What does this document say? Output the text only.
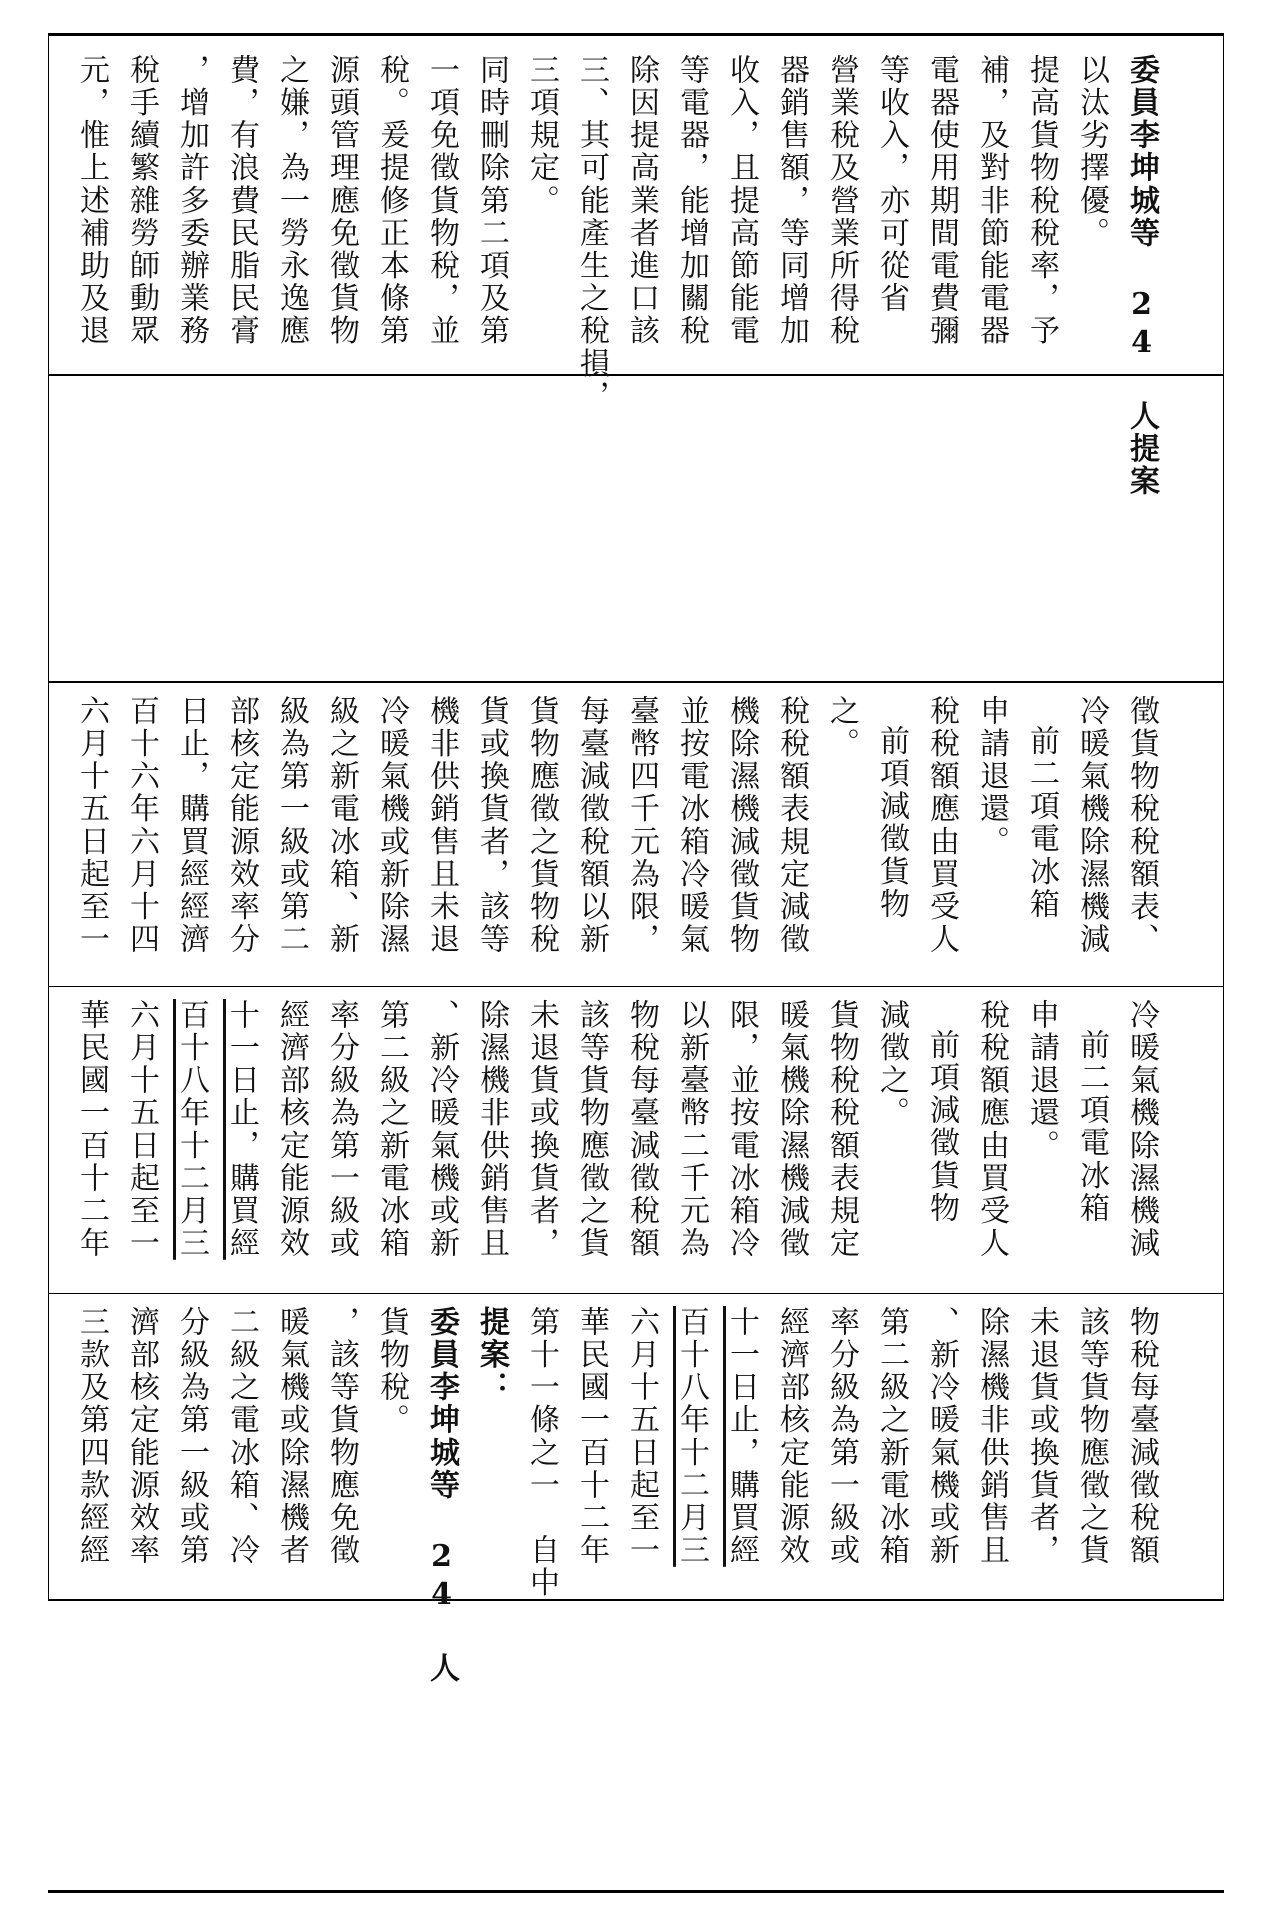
元，惟上述補助及退 稅手續繁雜勞師動眾 ，增加許多委辦業務 費，有浪費民脂民膏 之嫌，為一勞永逸應 源頭管理應免徵貨物 稅。爰提修正本條第 一項免徵貨物稅，並 同時刪除第二項及第 三項規定。 三、其可能產生之稅損， 除因提高業者進口該 等電器，能增加關稅 收入，且提高節能電 器銷售額，等同增加 營業稅及營業所得稅 等收入，亦可從省 電器使用期間電費彌 補，及對非節能電器 提高貨物稅稅率，予 以汰劣擇優。 委員李坤城等 24 人提案
六月十五日起至一 百十六年六月十四 日止，購買經經濟 部核定能源效率分 級為第一級或第二 級之新電冰箱、新 冷暖氣機或新除濕 機非供銷售且未退 貨或換貨者，該等 貨物應徵之貨物稅 每臺減徵稅額以新 臺幣四千元為限， 並按電冰箱冷暖氣 機除濕機減徵貨物 稅稅額表規定減徵 之。 前項減徵貨物 稅稅額應由買受人 申請退還。 前二項電冰箱 冷暖氣機除濕機減 徵貨物稅稅額表、
華民國一百十二年 六月十五日起至一 百十八年十二月三 十一日止，購買經 經濟部核定能源效 率分級為第一級或 第二級之新電冰箱 、新冷暖氣機或新 除濕機非供銷售且 未退貨或換貨者， 該等貨物應徵之貨 物稅每臺減徵稅額 以新臺幣二千元為 限，並按電冰箱冷 暖氣機除濕機減徵 貨物稅稅額表規定 減徵之。 前項減徵貨物 稅稅額應由買受人 申請退還。 前二項電冰箱 冷暖氣機除濕機減
三款及第四款經經 濟部核定能源效率 分級為第一級或第 二級之電冰箱、冷 暖氣機或除濕機者 ，該等貨物應免徵 貨物稅。 委員李坤城等 24 人 提案： 第十一條之一　自中 華民國一百十二年 六月十五日起至一 百十八年十二月三 十一日止，購買經 經濟部核定能源效 率分級為第一級或 第二級之新電冰箱 、新冷暖氣機或新 除濕機非供銷售且 未退貨或換貨者， 該等貨物應徵之貨 物稅每臺減徵稅額
